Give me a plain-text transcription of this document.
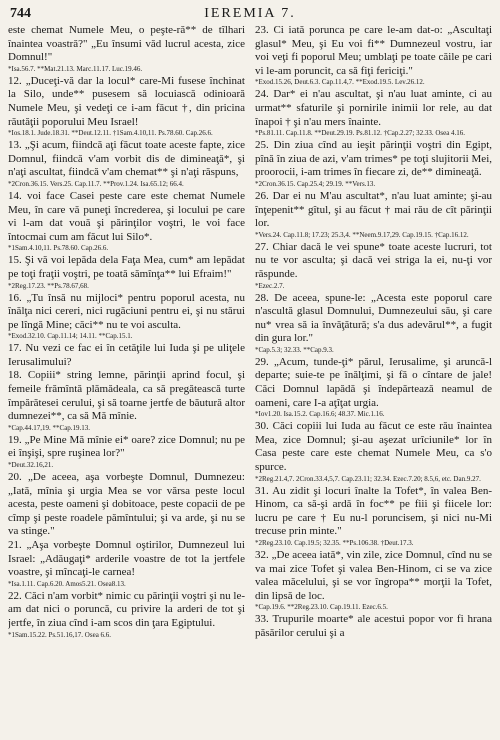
744	IEREMIA 7.
este chemat Numele Meu, o peşte-ră** de tîlhari înaintea voastră?" „Eu însumi văd lucrul acesta, zice Domnul!"
*Isa.56.7. **Mat.21.13. Marc.11.17. Luc.19.46.
12. „Duceţi-vă dar la locul* care-Mi fusese închinat la Silo, unde** pusesem să locuiască odinioară Numele Meu, şi vedeţi ce i-am făcut †, din pricina răutăţii poporului Meu Israel!
*Ios.18.1. Jude.18.31. **Deut.12.11. †1Sam.4.10,11. Ps.78.60. Cap.26.6.
13. „Şi acum, fiindcă aţi făcut toate aceste fapte, zice Domnul, fiindcă v'am vorbit dis de dimineaţă*, şi n'aţi ascultat, fiindcă v'am chemat** şi n'aţi răspuns,
*2Cron.36.15. Vers.25. Cap.11.7. **Prov.1.24. Isa.65.12; 66.4.
14. voi face Casei peste care este chemat Numele Meu, în care vă puneţi încrederea, şi locului pe care vi l-am dat vouă şi părinţilor voştri, le voi face întocmai cum am făcut lui Silo*.
*1Sam.4.10,11. Ps.78.60. Cap.26.6.
15. Şi vă voi lepăda dela Faţa Mea, cum* am lepădat pe toţi fraţii voştri, pe toată sămînţa** lui Efraim!"
*2Reg.17.23. **Ps.78.67,68.
16. „Tu însă nu mijloci* pentru poporul acesta, nu înălţa nici cereri, nici rugăciuni pentru ei, şi nu stărui pe lîngă Mine; căci** nu te voi asculta.
*Exod.32.10. Cap.11.14; 14.11. **Cap.15.1.
17. Nu vezi ce fac ei în cetăţile lui Iuda şi pe uliţele Ierusalimului?
18. Copiii* string lemne, părinţii aprind focul, şi femeile frămîntă plămădeala, ca să pregătească turte împărătesei cerului, şi să toarne jertfe de băutură altor dumnezei**, ca să Mă mînie.
*Cap.44.17,19. **Cap.19.13.
19. „Pe Mine Mă mînie ei* oare? zice Domnul; nu pe ei înşişi, spre ruşinea lor?"
*Deut.32.16,21.
20. „De aceea, aşa vorbeşte Domnul, Dumnezeu: „Iată, mînia şi urgia Mea se vor vărsa peste locul acesta, peste oameni şi dobitoace, peste copacii de pe cîmp şi peste roadele pămîntului; şi va arde, şi nu se va stinge."
21. „Aşa vorbeşte Domnul oştirilor, Dumnezeul lui Israel: „Adăugaţi* arderile voastre de tot la jertfele voastre, şi mîncaţi-le carnea!
*Isa.1.11. Cap.6.20. Amos5.21. Osea8.13.
22. Căci n'am vorbit* nimic cu părinţii voştri şi nu le-am dat nici o poruncă, cu privire la arderi de tot şi jertfe, în ziua cînd i-am scos din ţara Egiptului.
*1Sam.15.22. Ps.51.16,17. Osea 6.6.
23. Ci iată porunca pe care le-am dat-o: „Ascultaţi glasul* Meu, şi Eu voi fi** Dumnezeul vostru, iar voi veţi fi poporul Meu; umblaţi pe toate căile pe cari vi le-am poruncit, ca să fiţi fericiţi."
*Exod.15.26, Deut.6.3. Cap.11.4,7. **Exod.19.5. Lev.26.12.
24. Dar* ei n'au ascultat, şi n'au luat aminte, ci au urmat** sfaturile şi pornirile inimii lor rele, au dat înapoi † şi n'au mers înainte.
*Ps.81.11. Cap.11.8. **Deut.29.19. Ps.81.12. †Cap.2.27; 32.33. Osea 4.16.
25. Din ziua cînd au ieşit părinţii voştri din Egipt, pînă în ziua de azi, v'am trimes* pe toţi slujitorii Mei, proorocii, i-am trimes în fiecare zi, de** dimineaţă.
*2Cron.36.15. Cap.25.4; 29.19. **Vers.13.
26. Dar ei nu M'au ascultat*, n'au luat aminte; şi-au înţepenit** gîtul, şi au făcut † mai rău de cît părinţii lor.
*Vers.24. Cap.11.8; 17.23; 25.3,4. **Neem.9.17,29. Cap.19.15. †Cap.16.12.
27. Chiar dacă le vei spune* toate aceste lucruri, tot nu te vor asculta; şi dacă vei striga la ei, nu-ţi vor răspunde.
*Ezec.2.7.
28. De aceea, spune-le: „Acesta este poporul care n'ascultă glasul Domnului, Dumnezeului său, şi care nu* vrea să ia învăţătură; s'a dus adevărul**, a fugit din gura lor."
*Cap.5.3; 32.33. **Cap.9.3.
29. „Acum, tunde-ţi* părul, Ierusalime, şi aruncă-l departe; suie-te pe înălţimi, şi fă o cîntare de jale! Căci Domnul lapădă şi îndepărtează neamul de oameni, care I-a aţîţat urgia.
*Iov1.20. Isa.15.2. Cap.16.6; 48.37. Mic.1.16.
30. Căci copiii lui Iuda au făcut ce este rău înaintea Mea, zice Domnul; şi-au aşezat urîciunile* lor în Casa peste care este chemat Numele Meu, ca s'o spurce.
*2Reg.21.4,7. 2Cron.33.4,5,7. Cap.23.11; 32.34. Ezec.7.20; 8.5,6, etc. Dan.9.27.
31. Au zidit şi locuri înalte la Tofet*, în valea Ben-Hinom, ca să-şi ardă în foc** pe fiii şi fiicele lor: lucru pe care † Eu nu-l poruncisem, şi nici nu-Mi trecuse prin minte."
*2Reg.23.10. Cap.19.5; 32.35. **Ps.106.38. †Deut.17.3.
32. „De aceea iată*, vin zile, zice Domnul, cînd nu se va mai zice Tofet şi valea Ben-Hinom, ci se va zice valea măcelului, şi se vor îngropa** morţii la Tofet, din lipsă de loc.
*Cap.19.6. **2Reg.23.10. Cap.19.11. Ezec.6.5.
33. Trupurile moarte* ale acestui popor vor fi hrana păsărilor cerului şi a
